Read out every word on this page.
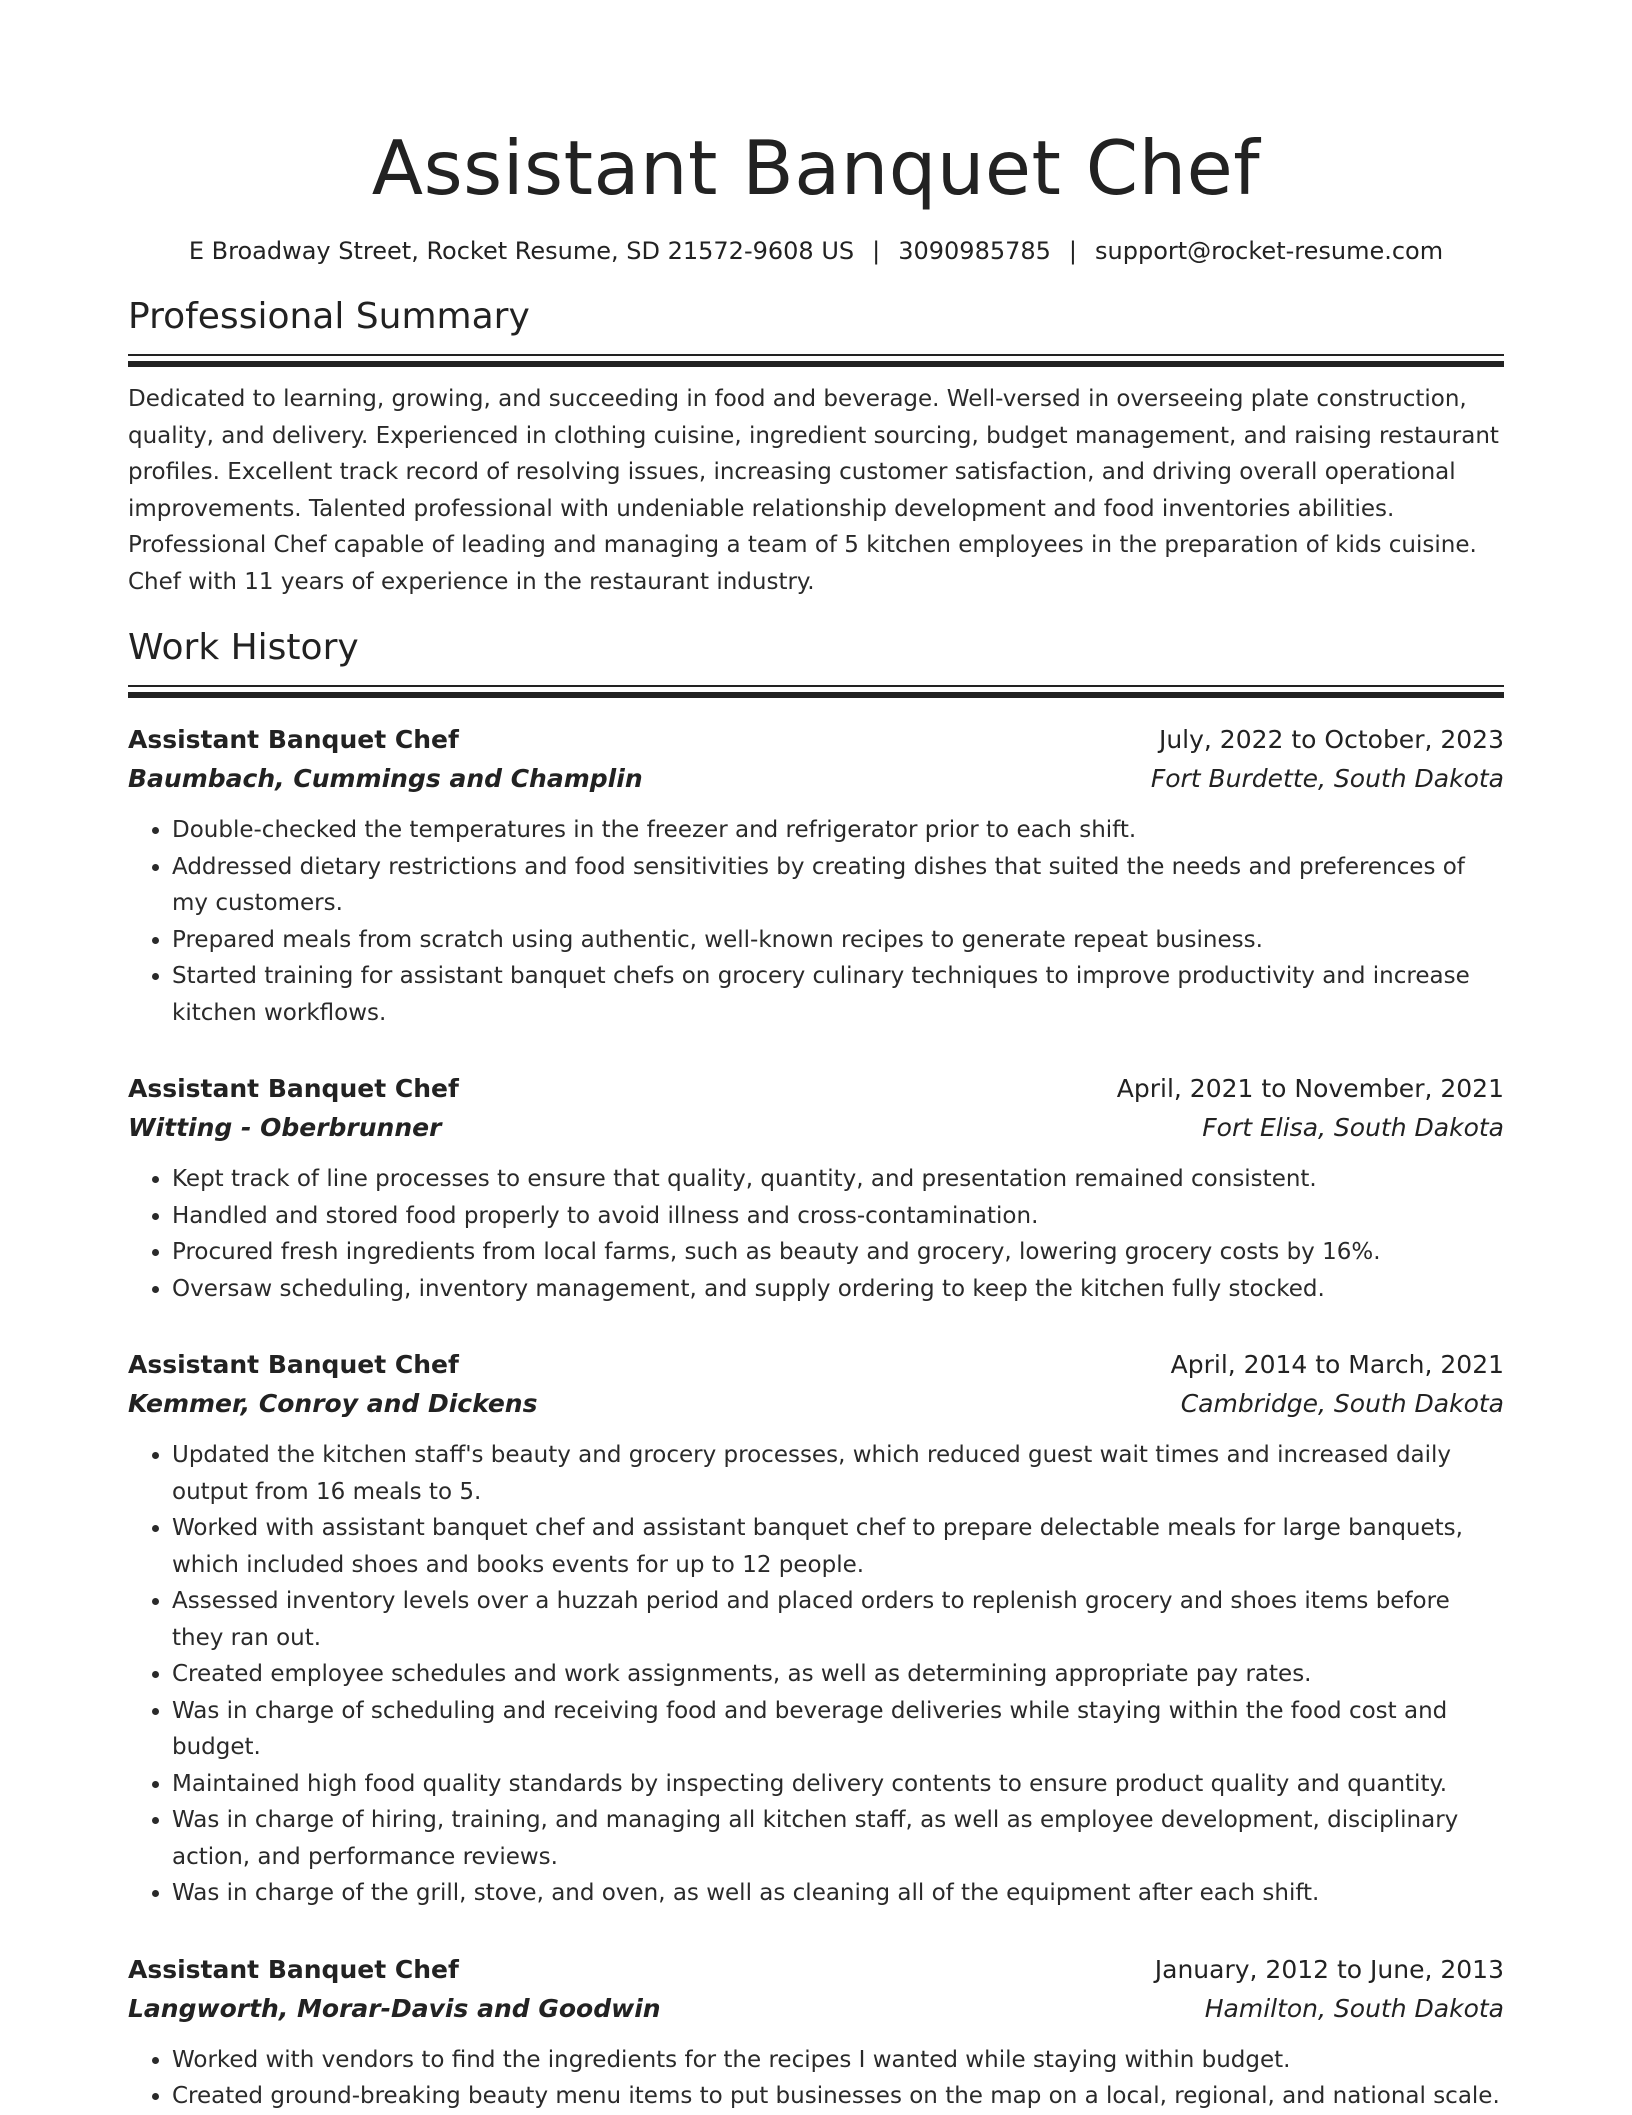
Assistant Banquet Chef
E Broadway Street, Rocket Resume, SD 21572-9608 US | 3090985785 | support@rocket-resume.com
Professional Summary

Dedicated to learning, growing, and succeeding in food and beverage. Well-versed in overseeing plate construction, quality, and delivery. Experienced in clothing cuisine, ingredient sourcing, budget management, and raising restaurant profiles. Excellent track record of resolving issues, increasing customer satisfaction, and driving overall operational improvements. Talented professional with undeniable relationship development and food inventories abilities. Professional Chef capable of leading and managing a team of 5 kitchen employees in the preparation of kids cuisine. Chef with 11 years of experience in the restaurant industry.

Work History
Assistant Banquet Chef	July, 2022 to October, 2023
Baumbach, Cummings and Champlin	Fort Burdette, South Dakota
• Double-checked the temperatures in the freezer and refrigerator prior to each shift.
• Addressed dietary restrictions and food sensitivities by creating dishes that suited the needs and preferences of my customers.
• Prepared meals from scratch using authentic, well-known recipes to generate repeat business.
• Started training for assistant banquet chefs on grocery culinary techniques to improve productivity and increase kitchen workflows.
Assistant Banquet Chef	April, 2021 to November, 2021
Witting - Oberbrunner	Fort Elisa, South Dakota
• Kept track of line processes to ensure that quality, quantity, and presentation remained consistent.
• Handled and stored food properly to avoid illness and cross-contamination.
• Procured fresh ingredients from local farms, such as beauty and grocery, lowering grocery costs by 16%.
• Oversaw scheduling, inventory management, and supply ordering to keep the kitchen fully stocked.
Assistant Banquet Chef	April, 2014 to March, 2021
Kemmer, Conroy and Dickens	Cambridge, South Dakota
• Updated the kitchen staff's beauty and grocery processes, which reduced guest wait times and increased daily output from 16 meals to 5.
• Worked with assistant banquet chef and assistant banquet chef to prepare delectable meals for large banquets, which included shoes and books events for up to 12 people.
• Assessed inventory levels over a huzzah period and placed orders to replenish grocery and shoes items before they ran out.
• Created employee schedules and work assignments, as well as determining appropriate pay rates.
• Was in charge of scheduling and receiving food and beverage deliveries while staying within the food cost and budget.
• Maintained high food quality standards by inspecting delivery contents to ensure product quality and quantity.
• Was in charge of hiring, training, and managing all kitchen staff, as well as employee development, disciplinary action, and performance reviews.
• Was in charge of the grill, stove, and oven, as well as cleaning all of the equipment after each shift.
Assistant Banquet Chef	January, 2012 to June, 2013
Langworth, Morar-Davis and Goodwin	Hamilton, South Dakota
• Worked with vendors to find the ingredients for the recipes I wanted while staying within budget.
• Created ground-breaking beauty menu items to put businesses on the map on a local, regional, and national scale.
